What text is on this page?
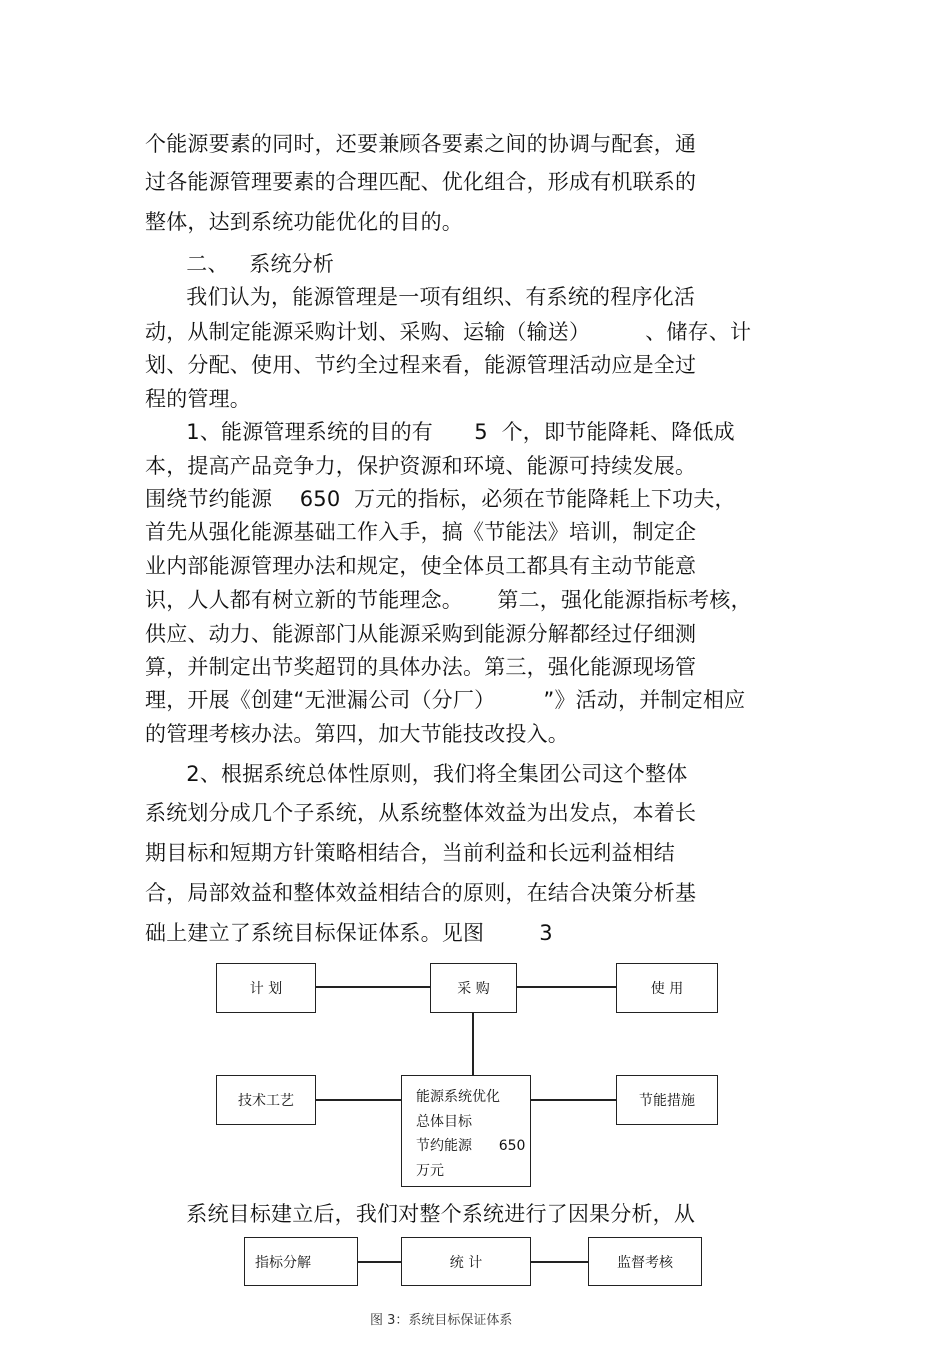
个能源要素的同时，还要兼顾各要素之间的协调与配套，通
过各能源管理要素的合理匹配、优化组合，形成有机联系的
整体，达到系统功能优化的目的。
二、   系统分析
我们认为，能源管理是一项有组织、有系统的程序化活
动，从制定能源采购计划、采购、运输（输送）        、储存、计
划、分配、使用、节约全过程来看，能源管理活动应是全过
程的管理。
1、能源管理系统的目的有      5  个，即节能降耗、降低成
本，提高产品竞争力，保护资源和环境、能源可持续发展。
围绕节约能源    650  万元的指标，必须在节能降耗上下功夫，
首先从强化能源基础工作入手，搞《节能法》培训，制定企
业内部能源管理办法和规定，使全体员工都具有主动节能意
识，人人都有树立新的节能理念。     第二，强化能源指标考核，
供应、动力、能源部门从能源采购到能源分解都经过仔细测
算，并制定出节奖超罚的具体办法。第三，强化能源现场管
理，开展《创建“无泄漏公司（分厂）       ”》活动，并制定相应
的管理考核办法。第四，加大节能技改投入。
2、根据系统总体性原则，我们将全集团公司这个整体
系统划分成几个子系统，从系统整体效益为出发点，本着长
期目标和短期方针策略相结合，当前利益和长远利益相结
合，局部效益和整体效益相结合的原则，在结合决策分析基
础上建立了系统目标保证体系。见图        3
计 划	采 购	使 用
技术工艺	能源系统优化
总体目标
节约能源      650
万元
节能措施
系统目标建立后，我们对整个系统进行了因果分析，从
指标分解	统 计	监督考核
图 3：系统目标保证体系
